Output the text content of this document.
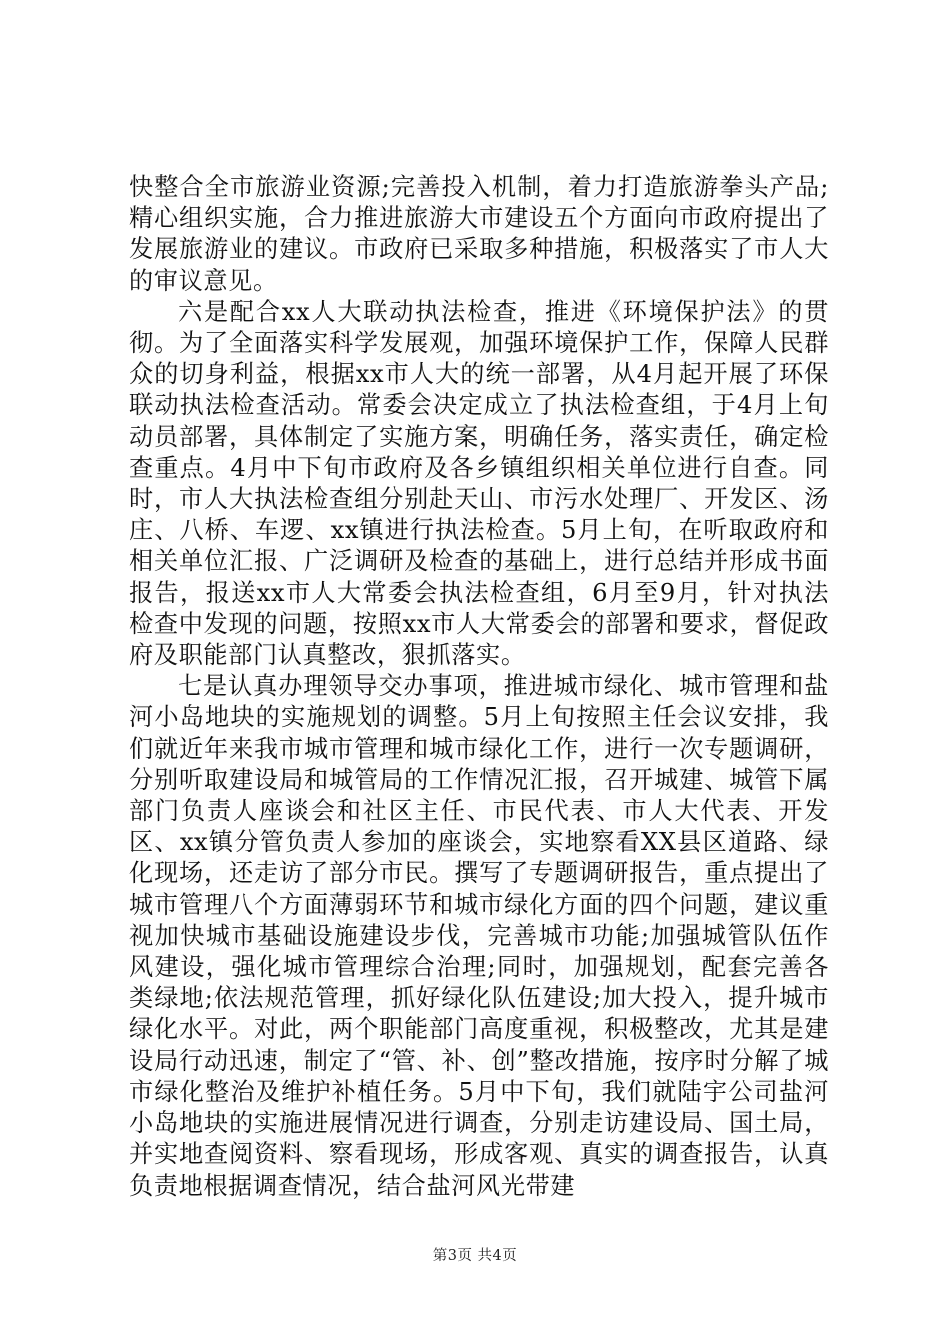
快整合全市旅游业资源;完善投入机制，着力打造旅游拳头产品;精心组织实施，合力推进旅游大市建设五个方面向市政府提出了发展旅游业的建议。市政府已采取多种措施，积极落实了市人大的审议意见。

六是配合xx人大联动执法检查，推进《环境保护法》的贯彻。为了全面落实科学发展观，加强环境保护工作，保障人民群众的切身利益，根据xx市人大的统一部署，从4月起开展了环保联动执法检查活动。常委会决定成立了执法检查组，于4月上旬动员部署，具体制定了实施方案，明确任务，落实责任，确定检查重点。4月中下旬市政府及各乡镇组织相关单位进行自查。同时，市人大执法检查组分别赴天山、市污水处理厂、开发区、汤庄、八桥、车逻、xx镇进行执法检查。5月上旬，在听取政府和相关单位汇报、广泛调研及检查的基础上，进行总结并形成书面报告，报送xx市人大常委会执法检查组，6月至9月，针对执法检查中发现的问题，按照xx市人大常委会的部署和要求，督促政府及职能部门认真整改，狠抓落实。

七是认真办理领导交办事项，推进城市绿化、城市管理和盐河小岛地块的实施规划的调整。5月上旬按照主任会议安排，我们就近年来我市城市管理和城市绿化工作，进行一次专题调研，分别听取建设局和城管局的工作情况汇报，召开城建、城管下属部门负责人座谈会和社区主任、市民代表、市人大代表、开发区、xx镇分管负责人参加的座谈会，实地察看XX县区道路、绿化现场，还走访了部分市民。撰写了专题调研报告，重点提出了城市管理八个方面薄弱环节和城市绿化方面的四个问题，建议重视加快城市基础设施建设步伐，完善城市功能;加强城管队伍作风建设，强化城市管理综合治理;同时，加强规划，配套完善各类绿地;依法规范管理，抓好绿化队伍建设;加大投入，提升城市绿化水平。对此，两个职能部门高度重视，积极整改，尤其是建设局行动迅速，制定了“管、补、创”整改措施，按序时分解了城市绿化整治及维护补植任务。5月中下旬，我们就陆宇公司盐河小岛地块的实施进展情况进行调查，分别走访建设局、国土局，并实地查阅资料、察看现场，形成客观、真实的调查报告，认真负责地根据调查情况，结合盐河风光带建

第3页 共4页
